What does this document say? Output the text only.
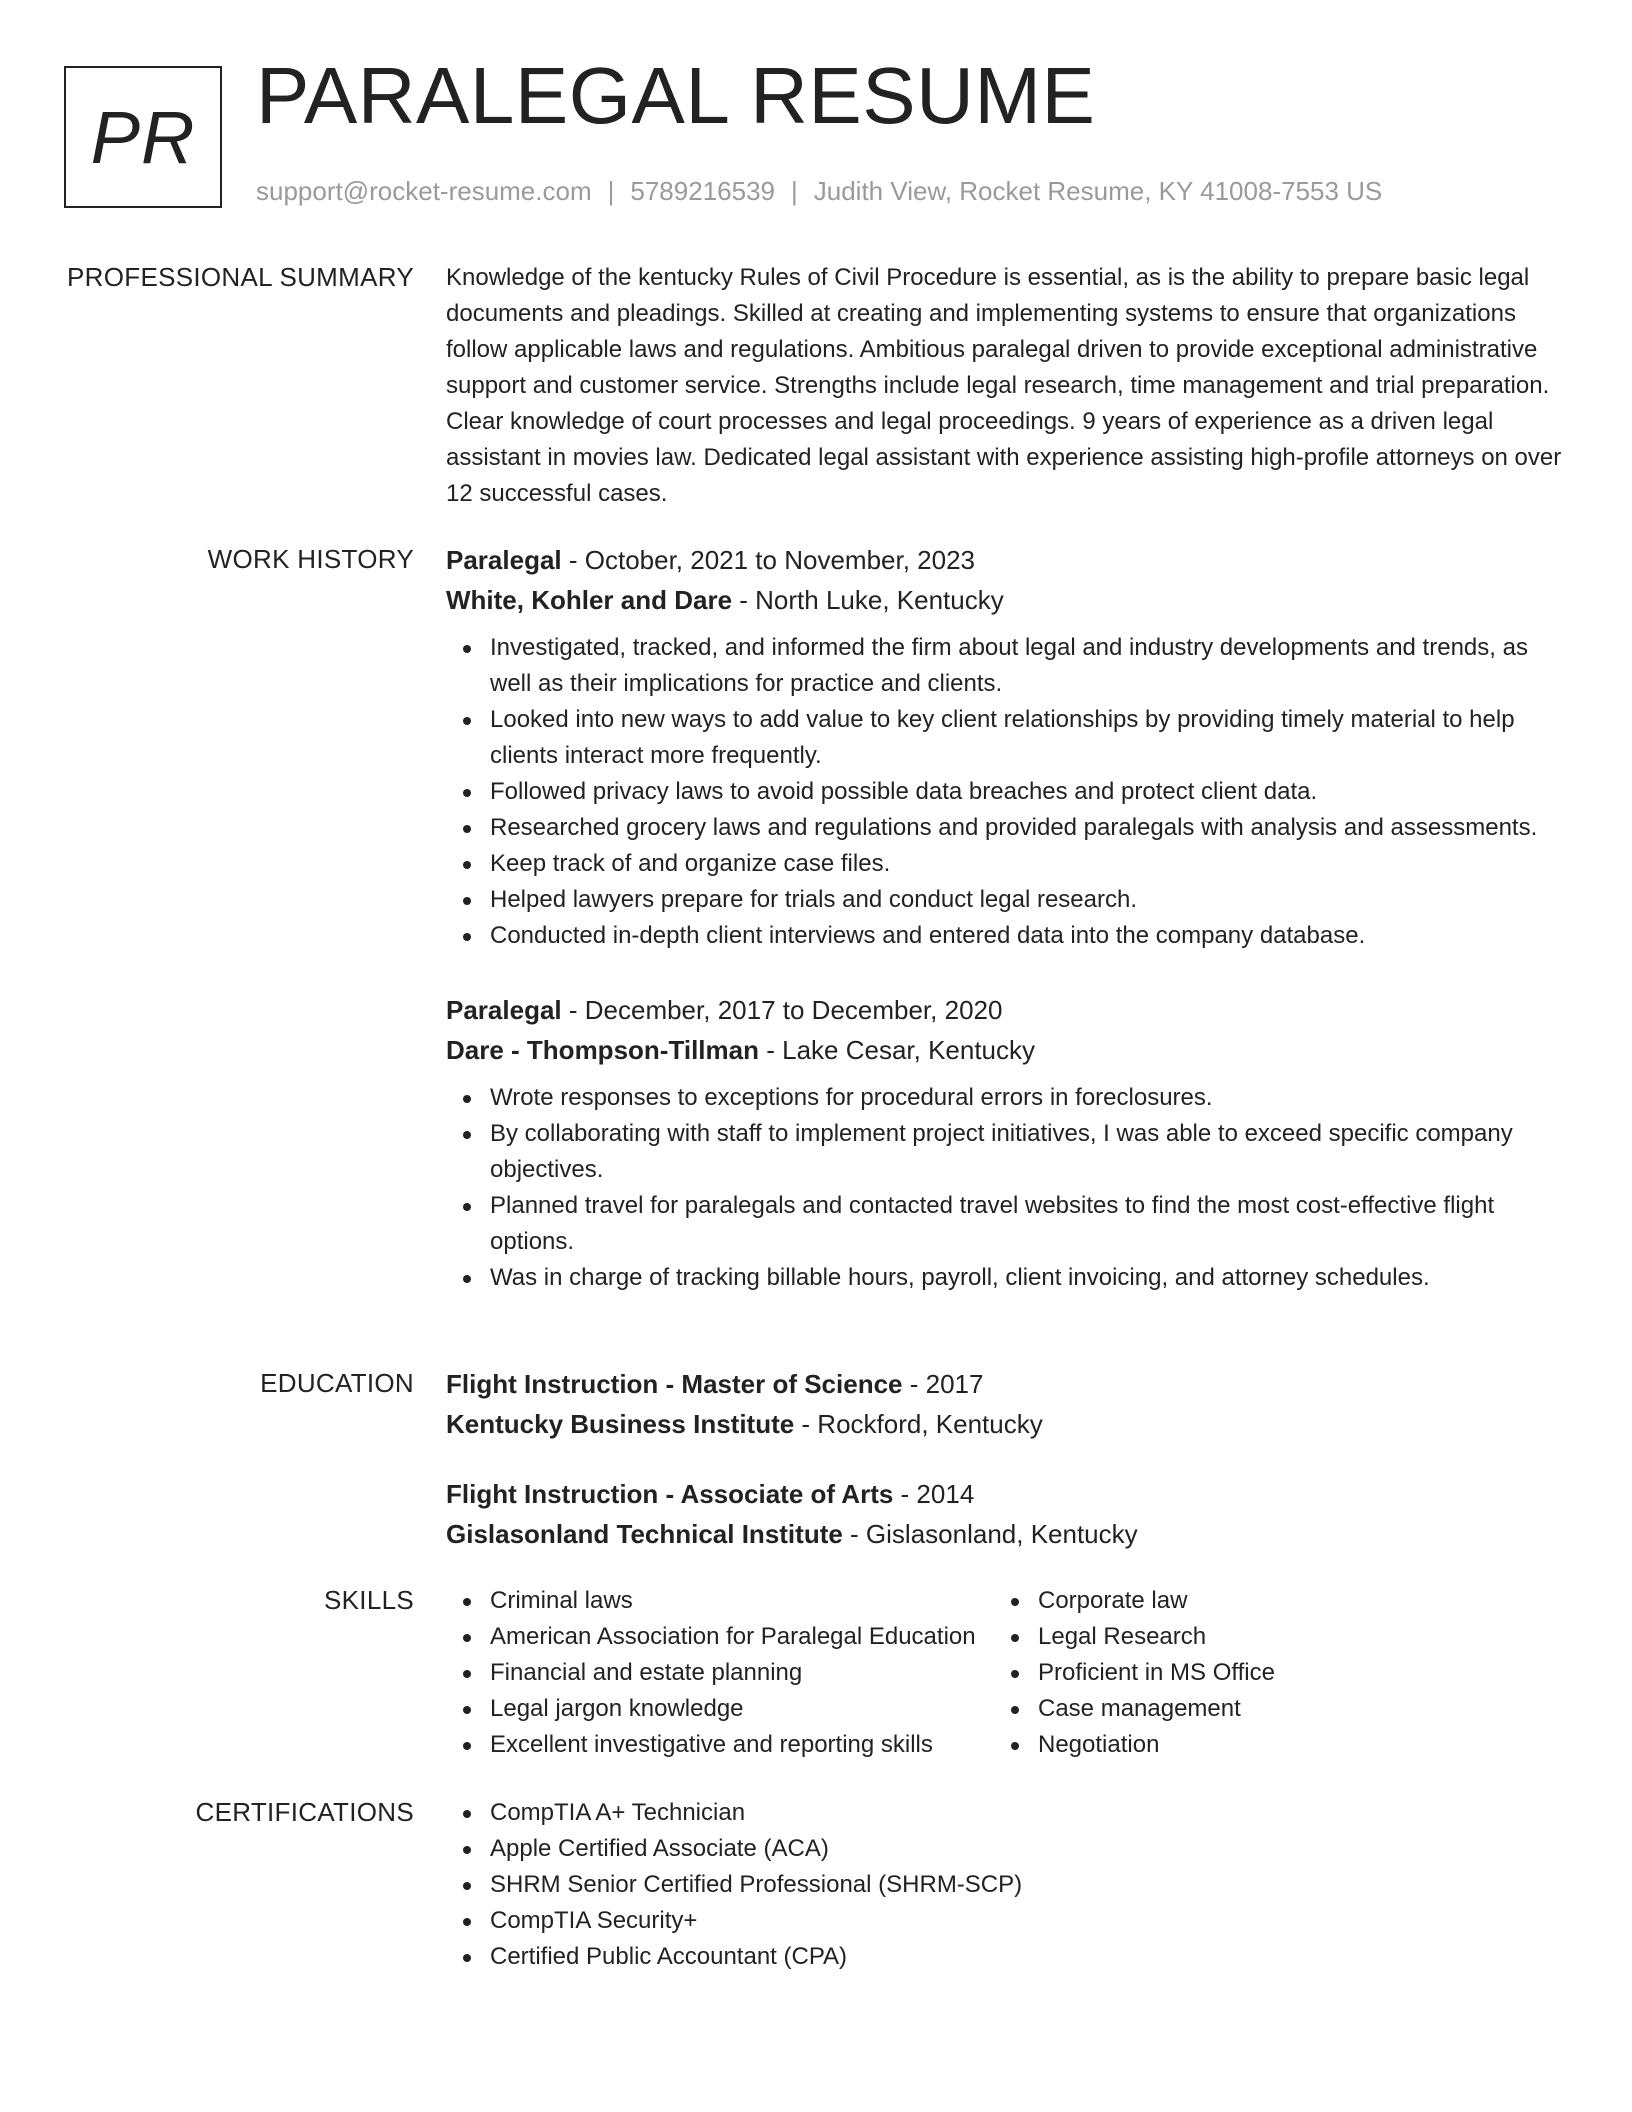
PR PARALEGAL RESUME
support@rocket-resume.com | 5789216539 | Judith View, Rocket Resume, KY 41008-7553 US
PROFESSIONAL SUMMARY Knowledge of the kentucky Rules of Civil Procedure is essential, as is the ability to prepare basic legal documents and pleadings. Skilled at creating and implementing systems to ensure that organizations follow applicable laws and regulations. Ambitious paralegal driven to provide exceptional administrative support and customer service. Strengths include legal research, time management and trial preparation. Clear knowledge of court processes and legal proceedings. 9 years of experience as a driven legal assistant in movies law. Dedicated legal assistant with experience assisting high-profile attorneys on over 12 successful cases.

WORK HISTORY Paralegal - October, 2021 to November, 2023
White, Kohler and Dare - North Luke, Kentucky
Investigated, tracked, and informed the firm about legal and industry developments and trends, as well as their implications for practice and clients.
Looked into new ways to add value to key client relationships by providing timely material to help clients interact more frequently.
Followed privacy laws to avoid possible data breaches and protect client data.
Researched grocery laws and regulations and provided paralegals with analysis and assessments.
Keep track of and organize case files.
Helped lawyers prepare for trials and conduct legal research.
Conducted in-depth client interviews and entered data into the company database.
Paralegal - December, 2017 to December, 2020
Dare - Thompson-Tillman - Lake Cesar, Kentucky
Wrote responses to exceptions for procedural errors in foreclosures.
By collaborating with staff to implement project initiatives, I was able to exceed specific company objectives.
Planned travel for paralegals and contacted travel websites to find the most cost-effective flight options.
Was in charge of tracking billable hours, payroll, client invoicing, and attorney schedules.
EDUCATION Flight Instruction - Master of Science - 2017
Kentucky Business Institute - Rockford, Kentucky
Flight Instruction - Associate of Arts - 2014
Gislasonland Technical Institute - Gislasonland, Kentucky
SKILLS	Criminal laws
American Association for Paralegal Education
Financial and estate planning
Legal jargon knowledge
Excellent investigative and reporting skills
Corporate law
Legal Research
Proficient in MS Office
Case management
Negotiation
CERTIFICATIONS	CompTIA A+ Technician
Apple Certified Associate (ACA)
SHRM Senior Certified Professional (SHRM-SCP)
CompTIA Security+
Certified Public Accountant (CPA)
